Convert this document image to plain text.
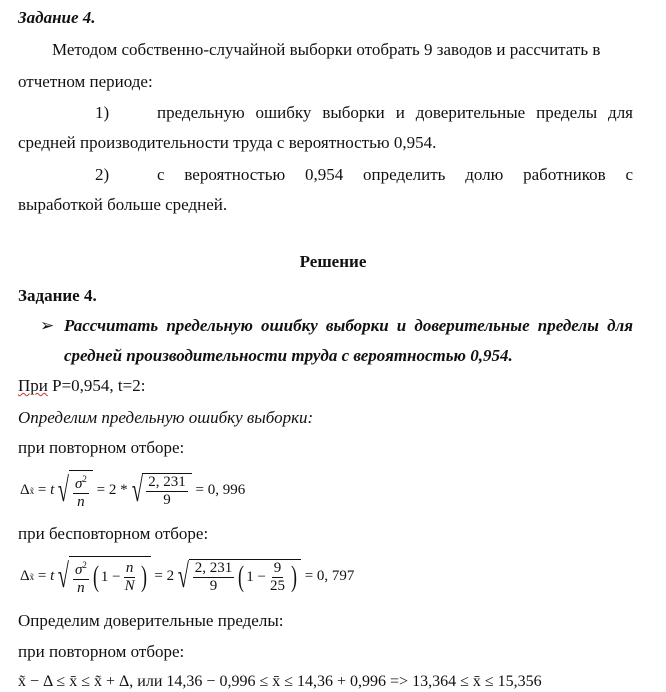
Задание 4.
Методом собственно-случайной выборки отобрать 9 заводов и рассчитать в
отчетном периоде:
1)	предельную ошибку выборки и доверительные пределы для
средней производительности труда с вероятностью 0,954.
2)	с вероятностью 0,954 определить долю работников с
выработкой больше средней.
Решение
Задание 4.
➢ Рассчитать предельную ошибку выборки и доверительные пределы для
средней производительности труда с вероятностью 0,954.
При P=0,954, t=2:
Определим предельную ошибку выборки:
при повторном отборе:
Δ x̃ = t √ $\frac{\sigma^2}{n}$
= 2 * √ $\frac{2, 231}{9}$
= 0, 996
при бесповторном отборе:
Δ x̃ = t √ $\frac{\sigma^2}{n}$ ( $1 - \frac{n}{N}$ )
= 2 √ $\frac{2, 231}{9}$ ( $1 - \frac{9}{25}$ )
= 0, 797
Определим доверительные пределы:
при повторном отборе:
x̃ − Δ ≤ x̄ ≤ x̃ + Δ, или 14,36 − 0,996 ≤ x̄ ≤ 14,36 + 0,996 => 13,364 ≤ x̄ ≤ 15,356
